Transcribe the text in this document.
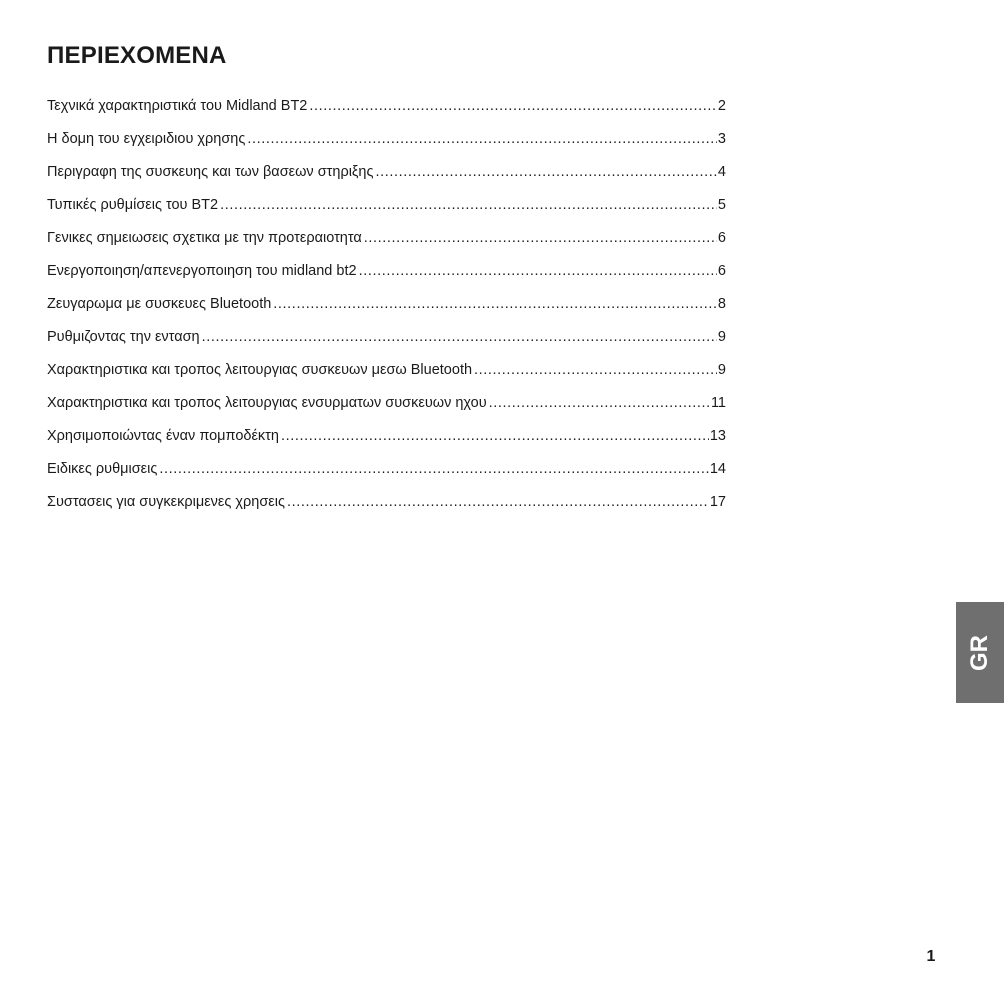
ΠΕΡΙΕΧΟΜΕΝΑ
Τεχνικά χαρακτηριστικά του Midland BT2 .....	2
Η δομη του εγχειριδιου χρησης .....	3
Περιγραφη της συσκευης και των βασεων στηριξης .....	4
Τυπικές ρυθμίσεις του BT2 .....	5
Γενικες σημειωσεις σχετικα με την προτεραιοτητα .....	6
Ενεργοποιηση/απενεργοποιηση του midland bt2 .....	6
Ζευγαρωμα με συσκευες Bluetooth .....	8
Ρυθμιζοντας την ενταση .....	9
Χαρακτηριστικα και τροπος λειτουργιας συσκευων μεσω Bluetooth .....	9
Χαρακτηριστικα και τροπος λειτουργιας ενσυρματων συσκευων ηχου .....	11
Χρησιμοποιώντας έναν πομποδέκτη .....	13
Ειδικες ρυθμισεις .....	14
Συστασεις για συγκεκριμενες χρησεις .....	17
GR
1
